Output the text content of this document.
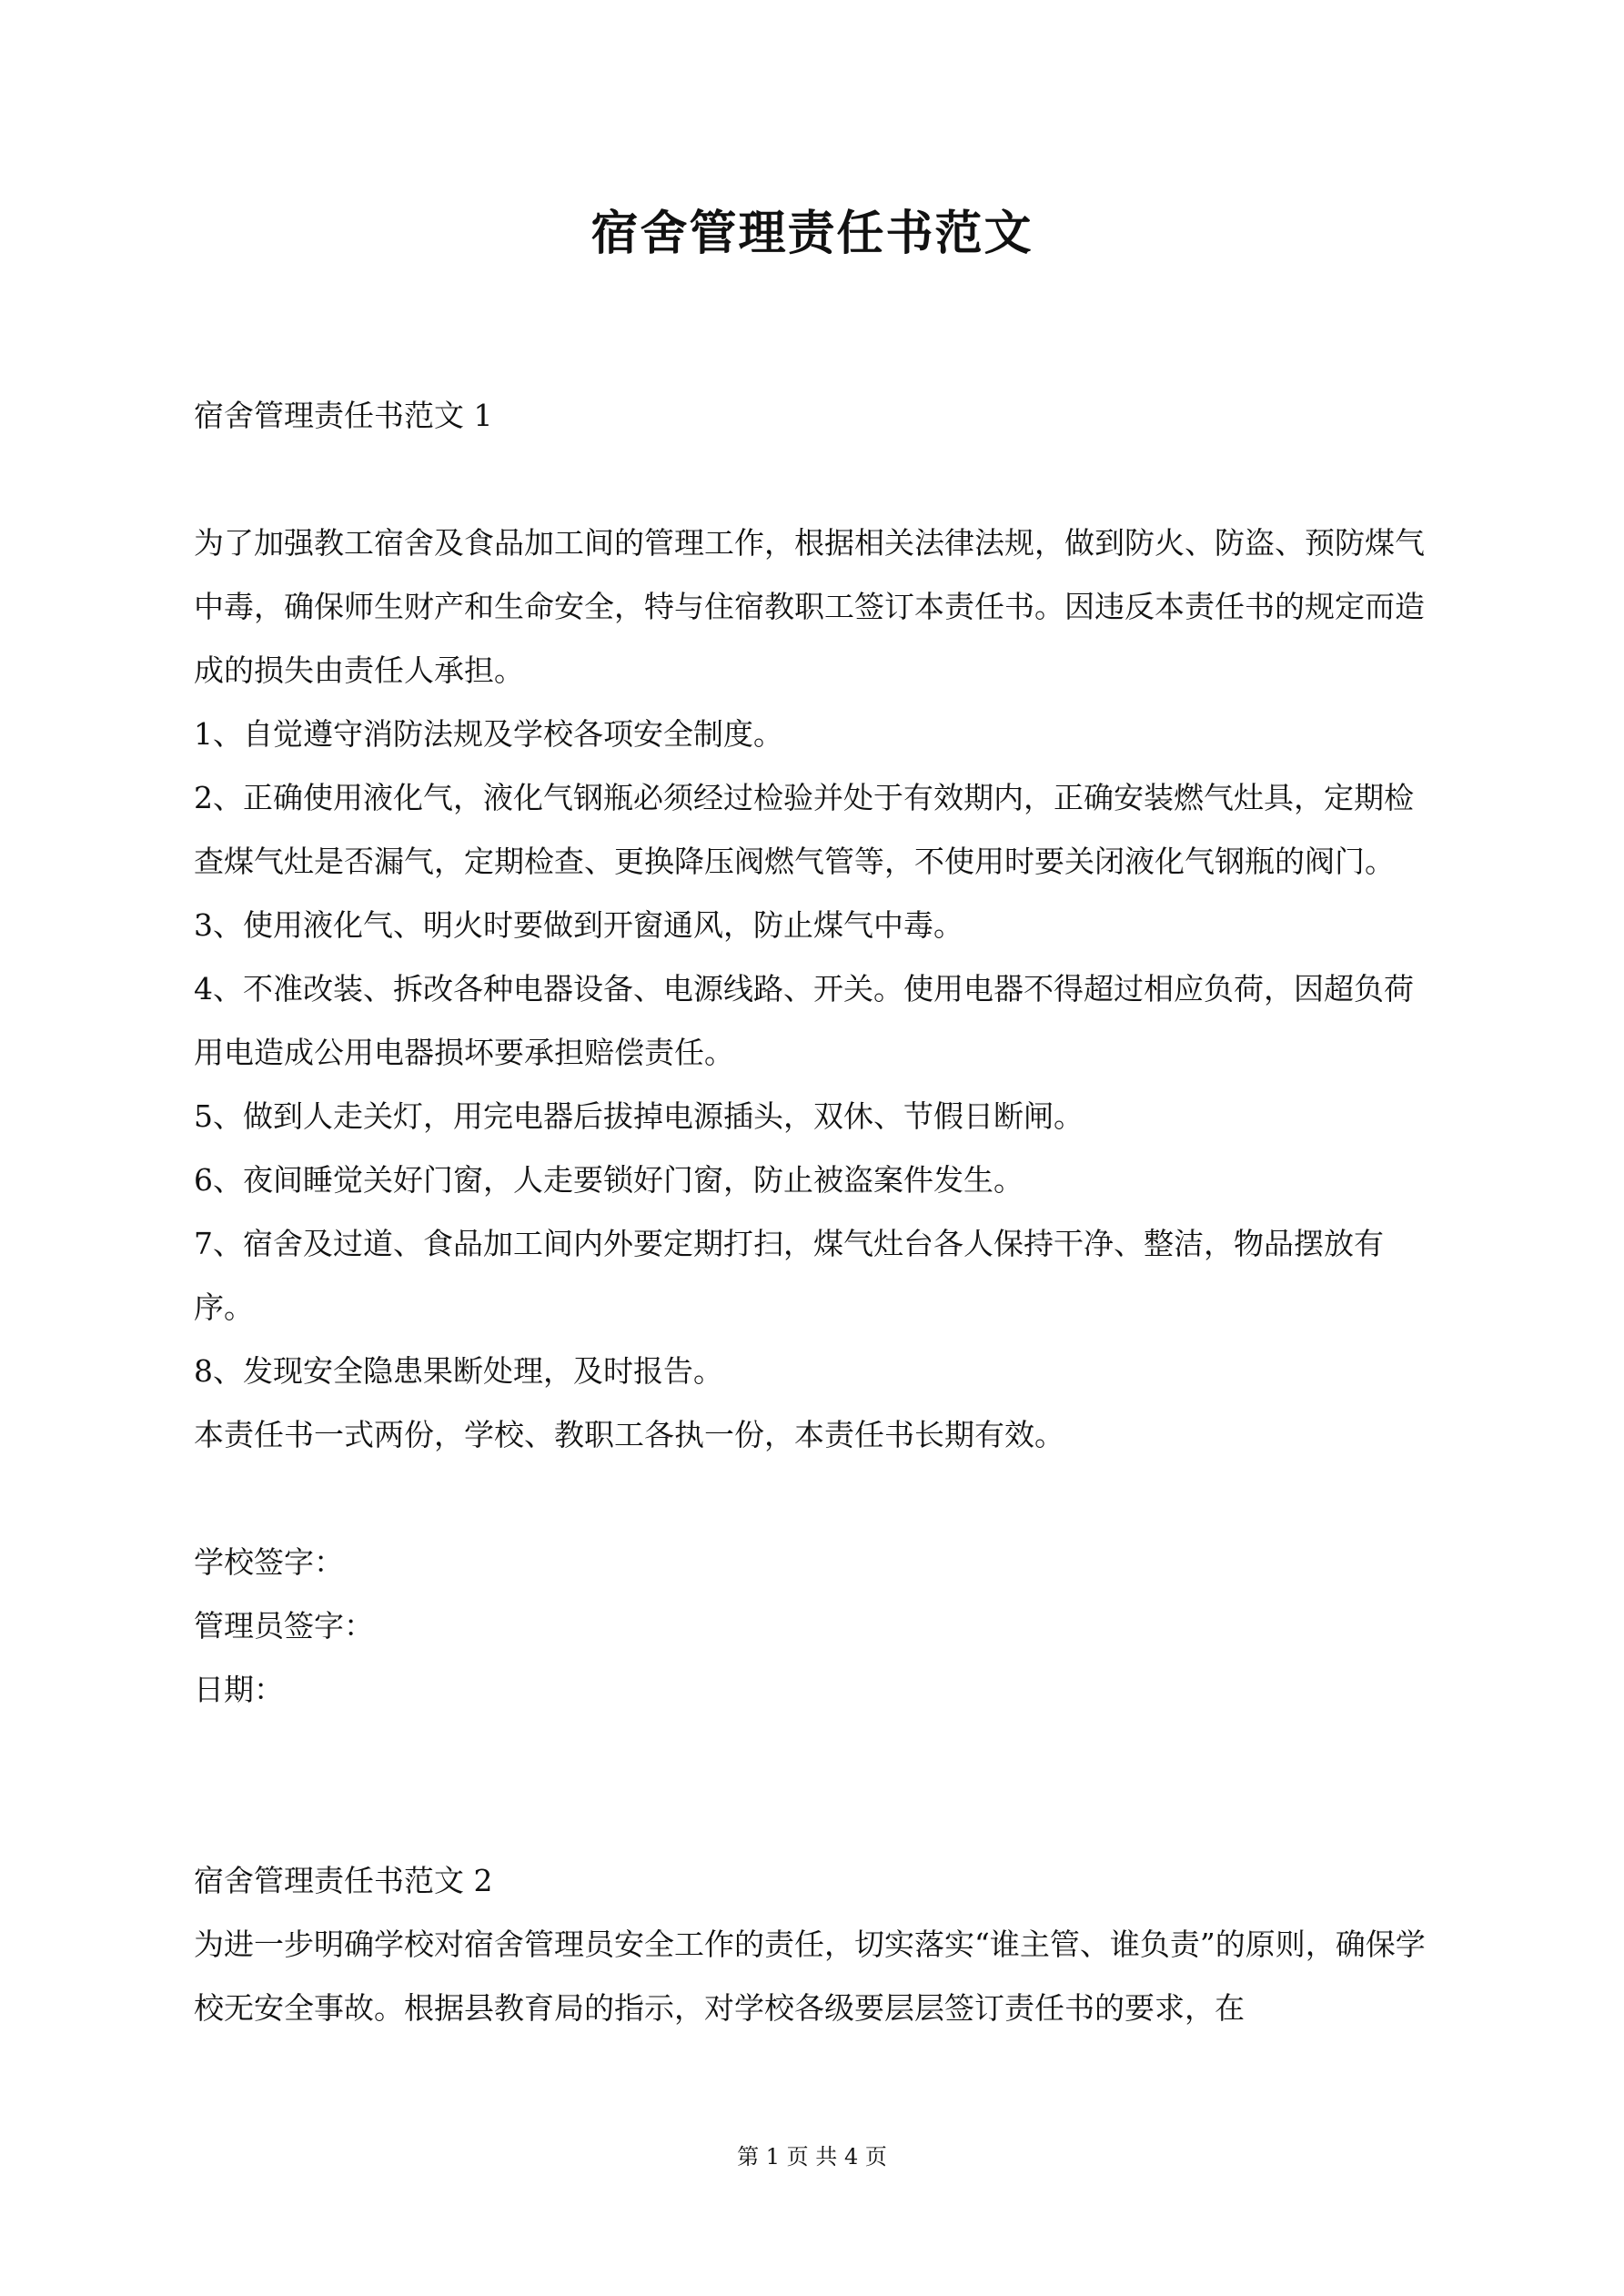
宿舍管理责任书范文

宿舍管理责任书范文 1

为了加强教工宿舍及食品加工间的管理工作，根据相关法律法规，做到防火、防盗、预防煤气中毒，确保师生财产和生命安全，特与住宿教职工签订本责任书。因违反本责任书的规定而造成的损失由责任人承担。

1、自觉遵守消防法规及学校各项安全制度。

2、正确使用液化气，液化气钢瓶必须经过检验并处于有效期内，正确安装燃气灶具，定期检查煤气灶是否漏气，定期检查、更换降压阀燃气管等，不使用时要关闭液化气钢瓶的阀门。

3、使用液化气、明火时要做到开窗通风，防止煤气中毒。

4、不准改装、拆改各种电器设备、电源线路、开关。使用电器不得超过相应负荷，因超负荷用电造成公用电器损坏要承担赔偿责任。

5、做到人走关灯，用完电器后拔掉电源插头，双休、节假日断闸。

6、夜间睡觉关好门窗，人走要锁好门窗，防止被盗案件发生。

7、宿舍及过道、食品加工间内外要定期打扫，煤气灶台各人保持干净、整洁，物品摆放有序。

8、发现安全隐患果断处理，及时报告。

本责任书一式两份，学校、教职工各执一份，本责任书长期有效。

学校签字：

管理员签字：

日期：

宿舍管理责任书范文 2

为进一步明确学校对宿舍管理员安全工作的责任，切实落实“谁主管、谁负责”的原则，确保学校无安全事故。根据县教育局的指示，对学校各级要层层签订责任书的要求，在

第 1 页 共 4 页
